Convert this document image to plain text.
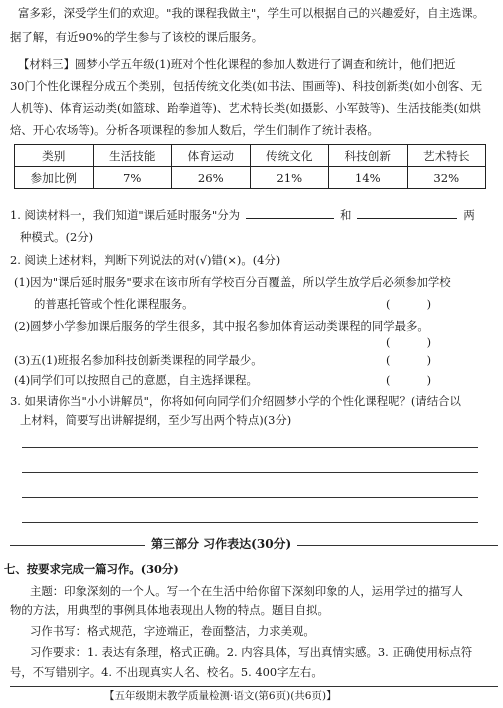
富多彩，深受学生们的欢迎。"我的课程我做主"，学生可以根据自己的兴趣爱好，自主选课。
据了解，有近90%的学生参与了该校的课后服务。
【材料三】圆梦小学五年级(1)班对个性化课程的参加人数进行了调查和统计，他们把近
30门个性化课程分成五个类别，包括传统文化类(如书法、围画等)、科技创新类(如小创客、无
人机等)、体育运动类(如篮球、跆拳道等)、艺术特长类(如摄影、小军鼓等)、生活技能类(如烘
焙、开心农场等)。分析各项课程的参加人数后，学生们制作了统计表格。
类别	生活技能	体育运动	传统文化	科技创新	艺术特长
参加比例	7%	26%	21%	14%	32%
1. 阅读材料一，我们知道"课后延时服务"分为	和	两
种模式。(2分)
2. 阅读上述材料，判断下列说法的对(√)错(×)。(4分)
(1)因为"课后延时服务"要求在该市所有学校百分百覆盖，所以学生放学后必须参加学校
的普惠托管或个性化课程服务。	(          )
(2)圆梦小学参加课后服务的学生很多，其中报名参加体育运动类课程的同学最多。
(          )
(3)五(1)班报名参加科技创新类课程的同学最少。	(          )
(4)同学们可以按照自己的意愿，自主选择课程。	(          )
3. 如果请你当"小小讲解员"，你将如何向同学们介绍圆梦小学的个性化课程呢？(请结合以
上材料，简要写出讲解提纲，至少写出两个特点)(3分)
第三部分 习作表达(30分)
七、按要求完成一篇习作。(30分)
主题：印象深刻的一个人。写一个在生活中给你留下深刻印象的人，运用学过的描写人
物的方法，用典型的事例具体地表现出人物的特点。题目自拟。
习作书写：格式规范，字迹端正，卷面整洁，力求美观。
习作要求：1. 表达有条理，格式正确。2. 内容具体，写出真情实感。3. 正确使用标点符
号，不写错别字。4. 不出现真实人名、校名。5. 400字左右。
【五年级期末教学质量检测·语文(第6页)(共6页)】
